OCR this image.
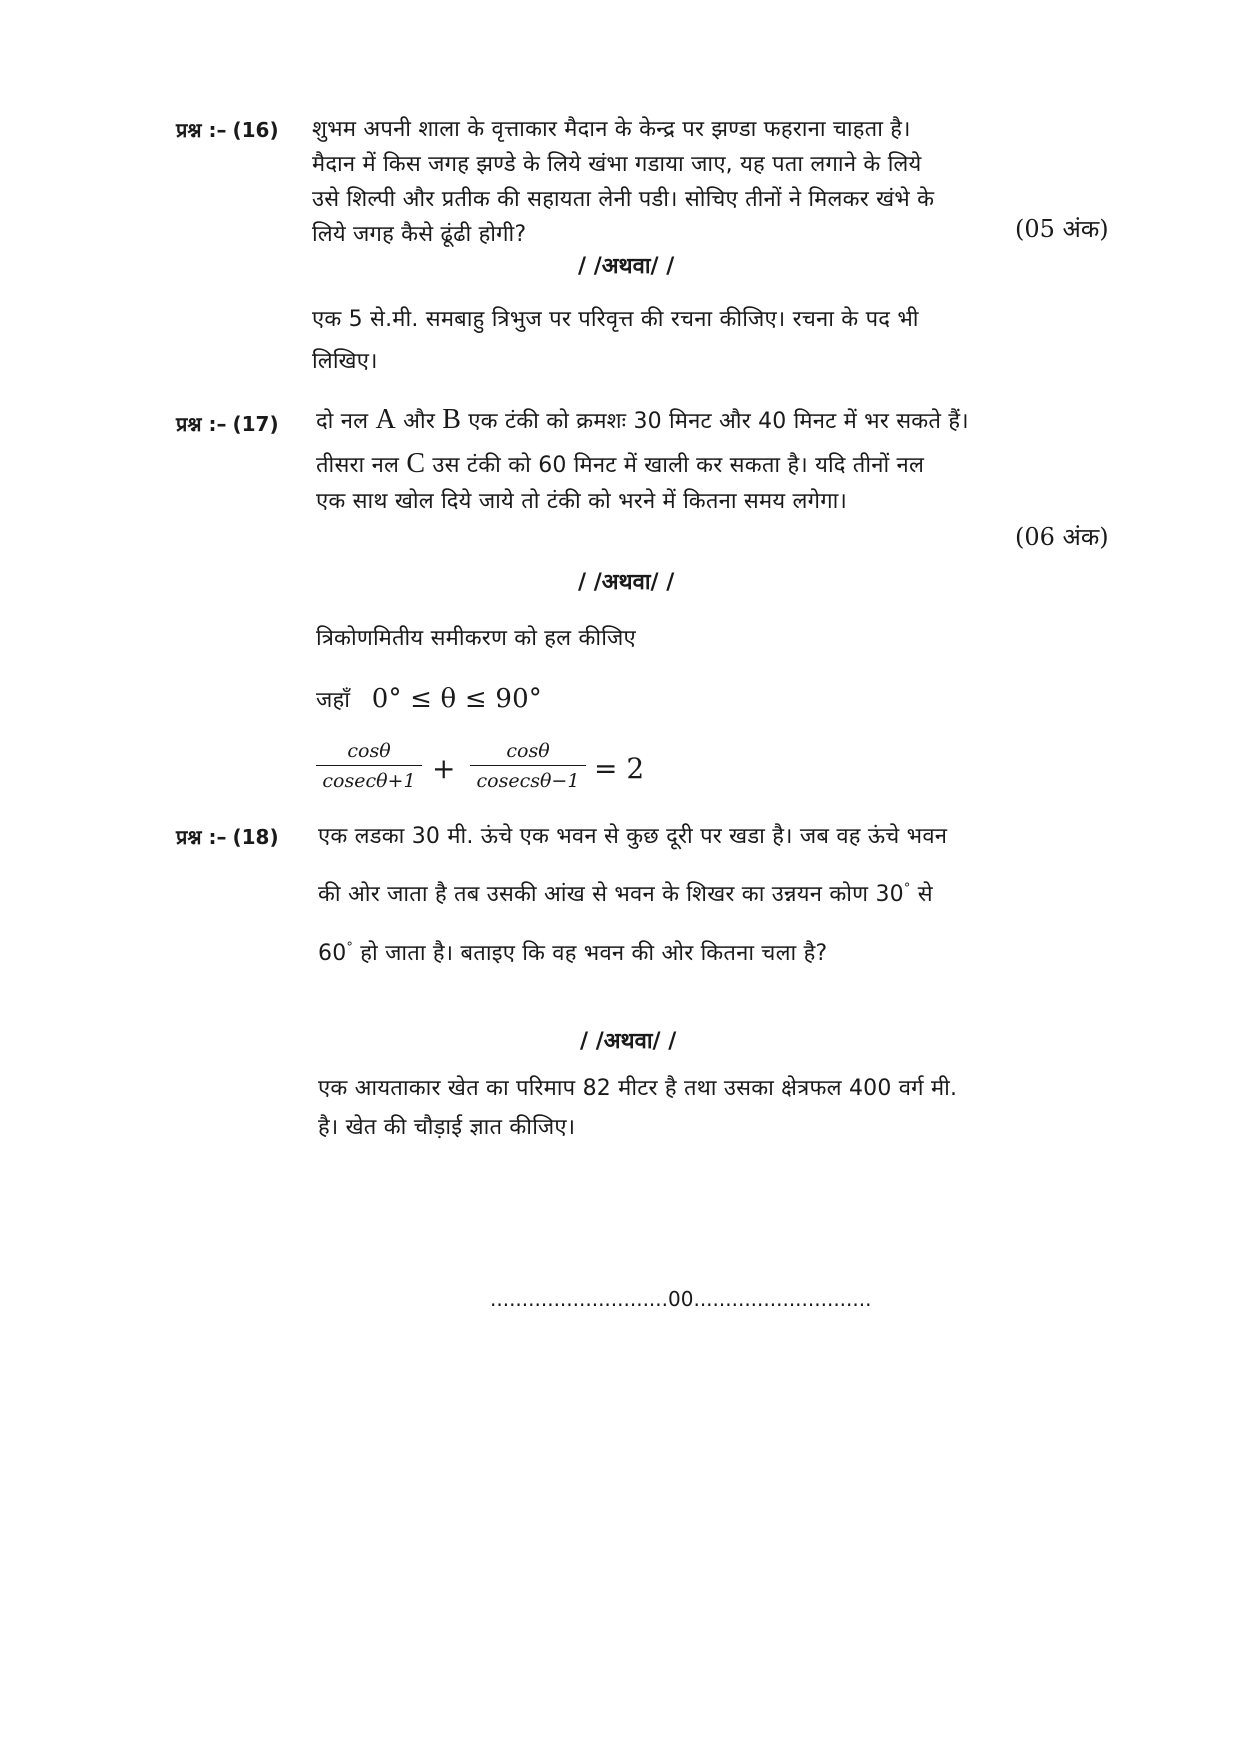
प्रश्न :– (16) शुभम अपनी शाला के वृत्ताकार मैदान के केन्द्र पर झण्डा फहराना चाहता है।
मैदान में किस जगह झण्डे के लिये खंभा गडाया जाए, यह पता लगाने के लिये
उसे शिल्पी और प्रतीक की सहायता लेनी पडी। सोचिए तीनों ने मिलकर खंभे के
लिये जगह कैसे ढूंढी होगी?	(05 अंक)
/ /अथवा/ /
एक 5 से.मी. समबाहु त्रिभुज पर परिवृत्त की रचना कीजिए। रचना के पद भी
लिखिए।
प्रश्न :– (17) दो नल A और B एक टंकी को क्रमशः 30 मिनट और 40 मिनट में भर सकते हैं।
तीसरा नल C उस टंकी को 60 मिनट में खाली कर सकता है। यदि तीनों नल
एक साथ खोल दिये जाये तो टंकी को भरने में कितना समय लगेगा।
(06 अंक)
/ /अथवा/ /
त्रिकोणमितीय समीकरण को हल कीजिए
जहाँ 0° ≤ θ ≤ 90°
cosθ
cosecθ+1 +
cosθ
cosecsθ−1 = 2
प्रश्न :– (18) एक लडका 30 मी. ऊंचे एक भवन से कुछ दूरी पर खडा है। जब वह ऊंचे भवन
की ओर जाता है तब उसकी आंख से भवन के शिखर का उन्नयन कोण 30° से
60° हो जाता है। बताइए कि वह भवन की ओर कितना चला है?
/ /अथवा/ /
एक आयताकार खेत का परिमाप 82 मीटर है तथा उसका क्षेत्रफल 400 वर्ग मी.
है। खेत की चौड़ाई ज्ञात कीजिए।
............................00............................
